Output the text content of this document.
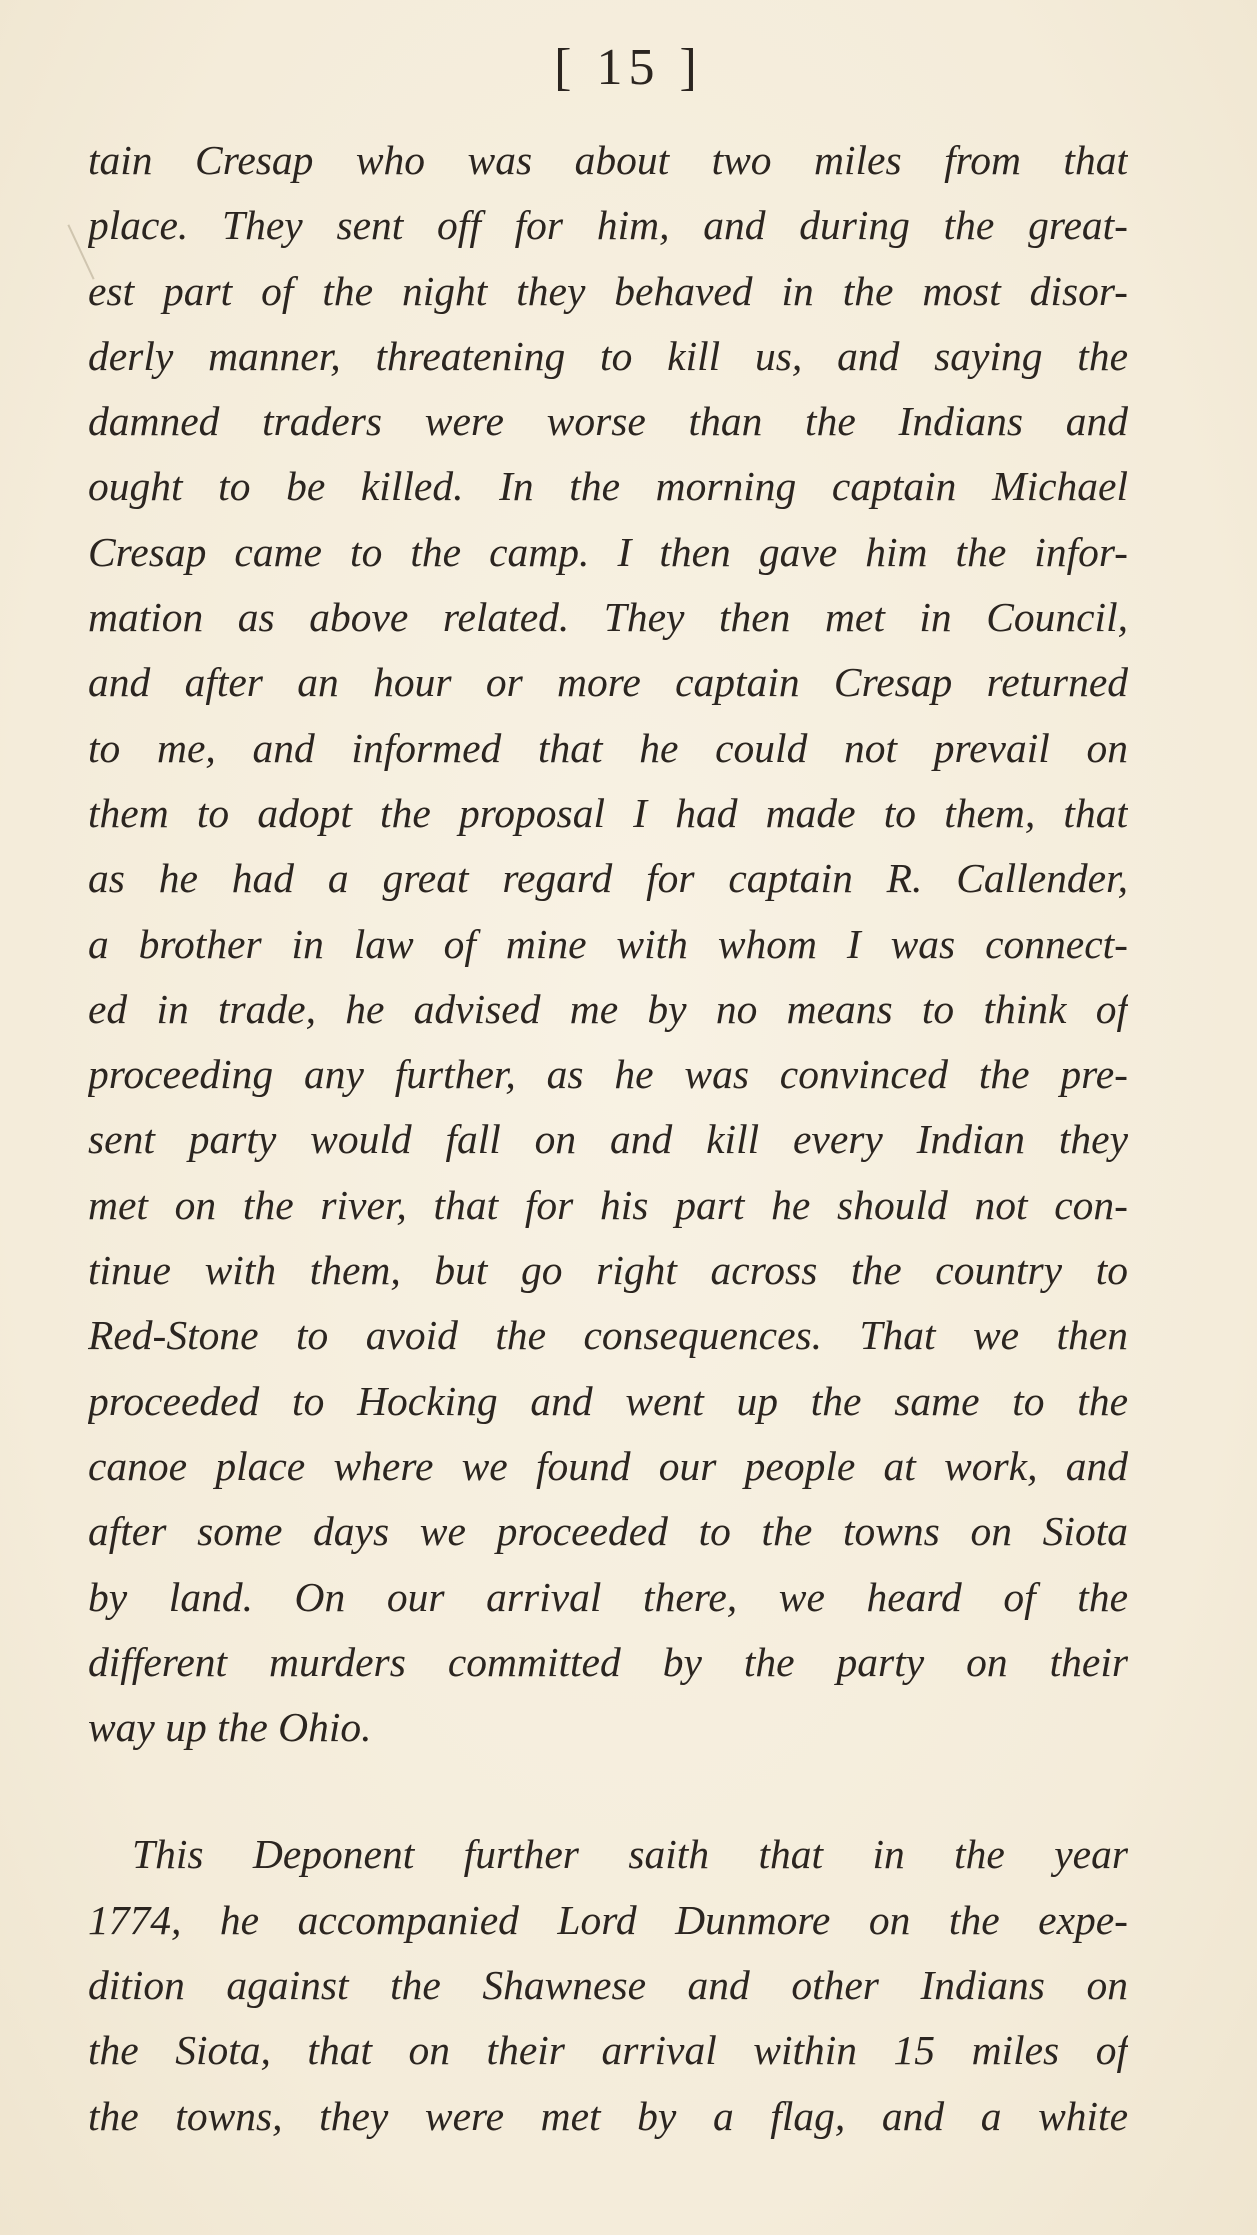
[ 15 ]
tain Cresap who was about two miles from that
place. They sent off for him, and during the great-
est part of the night they behaved in the most disor-
derly manner, threatening to kill us, and saying the
damned traders were worse than the Indians and
ought to be killed. In the morning captain Michael
Cresap came to the camp. I then gave him the infor-
mation as above related. They then met in Council,
and after an hour or more captain Cresap returned
to me, and informed that he could not prevail on
them to adopt the proposal I had made to them, that
as he had a great regard for captain R. Callender,
a brother in law of mine with whom I was connect-
ed in trade, he advised me by no means to think of
proceeding any further, as he was convinced the pre-
sent party would fall on and kill every Indian they
met on the river, that for his part he should not con-
tinue with them, but go right across the country to
Red-Stone to avoid the consequences. That we then
proceeded to Hocking and went up the same to the
canoe place where we found our people at work, and
after some days we proceeded to the towns on Siota
by land. On our arrival there, we heard of the
different murders committed by the party on their
way up the Ohio.
This Deponent further saith that in the year
1774, he accompanied Lord Dunmore on the expe-
dition against the Shawnese and other Indians on
the Siota, that on their arrival within 15 miles of
the towns, they were met by a flag, and a white
